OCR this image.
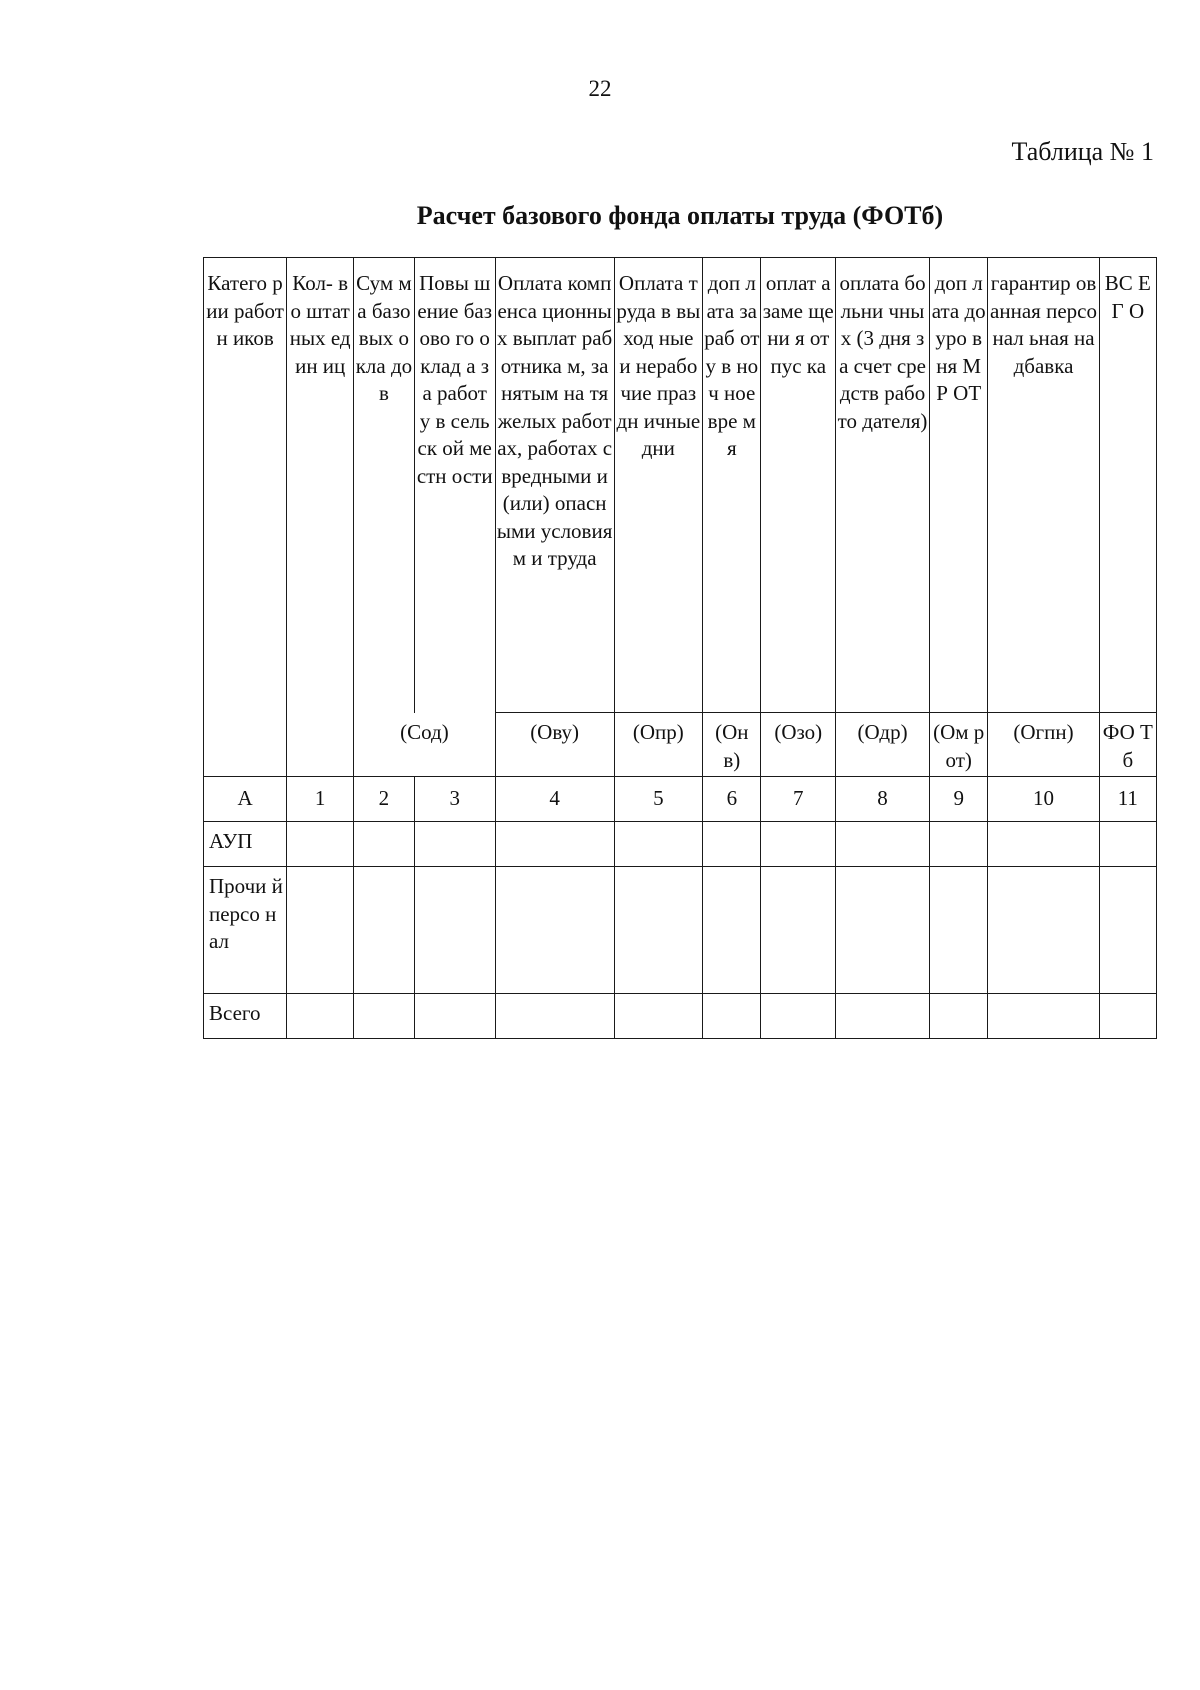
22
Таблица № 1
Расчет базового фонда оплаты труда (ФОТб)
Катего рии работн иков	Кол- во штат ных един иц	Сум ма базо вых окла дов	Повы шение базово го оклад а за работ у в сельск ой местн ости	Оплата компенса ционных выплат работника м, занятым на тяжелых работах, работах с вредными и (или) опасными условиям и труда	Оплата труда в выход ные и нерабо чие праздн ичные дни	доп лата за раб оту в ноч ное вре мя	оплат а заме щени я отпус ка	оплата больни чных (3 дня за счет средств работо дателя)	доп лата до уро вня МР ОТ	гарантир ованная персонал ьная надбавка	ВС ЕГ О
		(Сод)		(Ову)	(Опр)	(Он в)	(Озо)	(Одр)	(Ом рот)	(Огпн)	ФО Тб
А	1	2	3	4	5	6	7	8	9	10	11
АУП											
Прочи й персо нал											
Всего											
